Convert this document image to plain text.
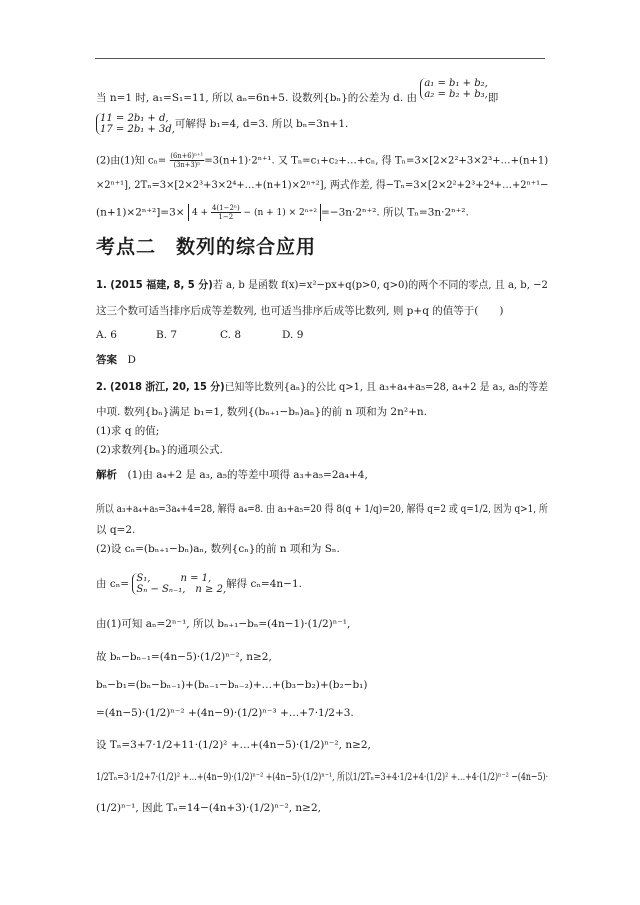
当 n=1 时, a₁=S₁=11, 所以 aₙ=6n+5. 设数列{bₙ}的公差为 d. 由
a₁ = b₁ + b₂,
a₂ = b₂ + b₃, 即
11 = 2b₁ + d,
17 = 2b₁ + 3d, 可解得 b₁=4, d=3. 所以 bₙ=3n+1.
(2)由(1)知 $c_n= \frac{\text{(6n+6)ⁿ⁺¹}}{\text{(3n+3)ⁿ}} =3(n+1)\cdot 2^{n+1}$. 又 Tₙ=c₁+c₂+…+cₙ, 得 Tₙ=3×[2×2²+3×2³+…+(n+1)
×2ⁿ⁺¹], 2Tₙ=3×[2×2³+3×2⁴+…+(n+1)×2ⁿ⁺²], 两式作差, 得−Tₙ=3×[2×2²+2³+2⁴+…+2ⁿ⁺¹−
$(n+1)\times 2^{n+2}]=3\times 4 + \frac{\text{4(1−2ⁿ)}}{1-2} - (n + 1) \times 2^{n+2} =-3n\cdot 2^{n+2}$. 所以 Tₙ=3n·2ⁿ⁺².
考点二　数列的综合应用
1. (2015 福建, 8, 5 分)若 a, b 是函数 f(x)=x²−px+q(p>0, q>0)的两个不同的零点, 且 a, b, −2
这三个数可适当排序后成等差数列, 也可适当排序后成等比数列, 则 p+q 的值等于(　　)
A. 6	B. 7	C. 8	D. 9
答案　 D
2. (2018 浙江, 20, 15 分)已知等比数列{aₙ}的公比 q>1, 且 a₃+a₄+a₅=28, a₄+2 是 a₃, a₅的等差
中项. 数列{bₙ}满足 b₁=1, 数列{(bₙ₊₁−bₙ)aₙ}的前 n 项和为 2n²+n.
(1)求 q 的值;
(2)求数列{bₙ}的通项公式.
解析　 (1)由 a₄+2 是 a₃, a₅的等差中项得 a₃+a₅=2a₄+4,
所以 a₃+a₄+a₅=3a₄+4=28, 解得 a₄=8. 由 a₃+a₅=20 得 8(q + 1/q)=20, 解得 q=2 或 q=1/2, 因为 q>1, 所
以 q=2.
(2)设 cₙ=(bₙ₊₁−bₙ)aₙ, 数列{cₙ}的前 n 项和为 Sₙ.
由 cₙ= S₁,　　　n = 1,
Sₙ − Sₙ₋₁,　n ≥ 2, 解得 cₙ=4n−1.
由(1)可知 aₙ=2ⁿ⁻¹, 所以 bₙ₊₁−bₙ=(4n−1)·(1/2)ⁿ⁻¹,
故 bₙ−bₙ₋₁=(4n−5)·(1/2)ⁿ⁻², n≥2,
bₙ−b₁=(bₙ−bₙ₋₁)+(bₙ₋₁−bₙ₋₂)+…+(b₃−b₂)+(b₂−b₁)
=(4n−5)·(1/2)ⁿ⁻² +(4n−9)·(1/2)ⁿ⁻³ +…+7·1/2+3.
设 Tₙ=3+7·1/2+11·(1/2)² +…+(4n−5)·(1/2)ⁿ⁻², n≥2,
1/2Tₙ=3·1/2+7·(1/2)² +…+(4n−9)·(1/2)ⁿ⁻² +(4n−5)·(1/2)ⁿ⁻¹, 所以1/2Tₙ=3+4·1/2+4·(1/2)² +…+4·(1/2)ⁿ⁻² −(4n−5)·
(1/2)ⁿ⁻¹, 因此 Tₙ=14−(4n+3)·(1/2)ⁿ⁻², n≥2,
